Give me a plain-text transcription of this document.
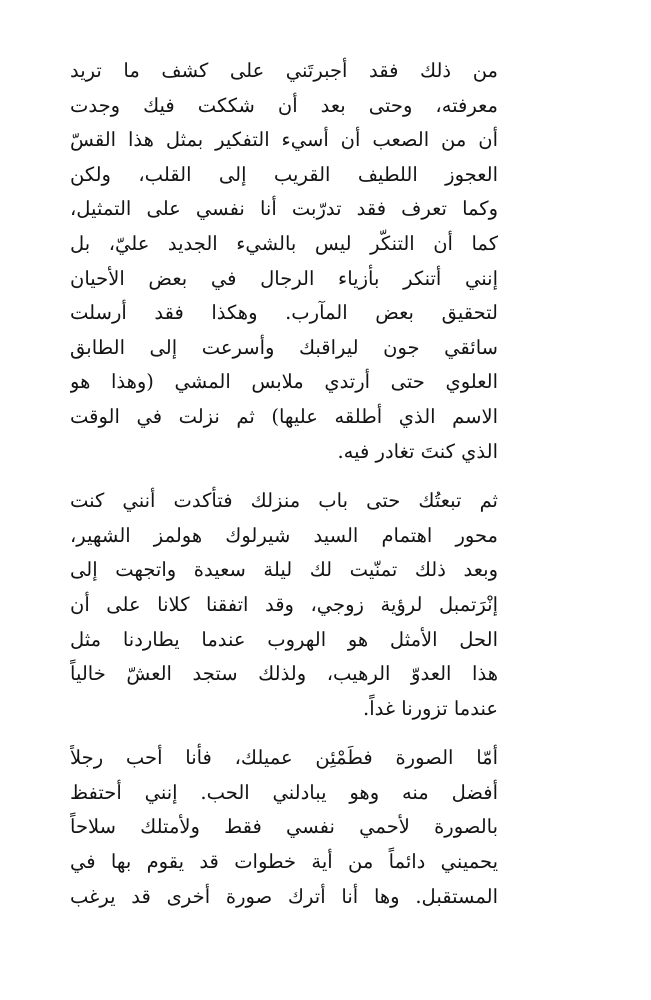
من ذلك فقد أجبرتَني على كشف ما تريد
معرفته، وحتى بعد أن شككت فيك وجدت
أن من الصعب أن أسيء التفكير بمثل هذا القسّ
العجوز اللطيف القريب إلى القلب، ولكن
وكما تعرف فقد تدرّبت أنا نفسي على التمثيل،
كما أن التنكّر ليس بالشيء الجديد عليّ، بل
إنني أتنكر بأزياء الرجال في بعض الأحيان
لتحقيق بعض المآرب. وهكذا فقد أرسلت
سائقي جون ليراقبك وأسرعت إلى الطابق
العلوي حتى أرتدي ملابس المشي (وهذا هو
الاسم الذي أطلقه عليها) ثم نزلت في الوقت
الذي كنتَ تغادر فيه.
ثم تبعتُك حتى باب منزلك فتأكدت أنني كنت
محور اهتمام السيد شيرلوك هولمز الشهير،
وبعد ذلك تمنّيت لك ليلة سعيدة واتجهت إلى
إنْرَتمبل لرؤية زوجي، وقد اتفقنا كلانا على أن
الحل الأمثل هو الهروب عندما يطاردنا مثل
هذا العدوّ الرهيب، ولذلك ستجد العشّ خالياً
عندما تزورنا غداً.
أمّا الصورة فطَمْئِن عميلك، فأنا أحب رجلاً
أفضل منه وهو يبادلني الحب. إنني أحتفظ
بالصورة لأحمي نفسي فقط ولأمتلك سلاحاً
يحميني دائماً من أية خطوات قد يقوم بها في
المستقبل. وها أنا أترك صورة أخرى قد يرغب
